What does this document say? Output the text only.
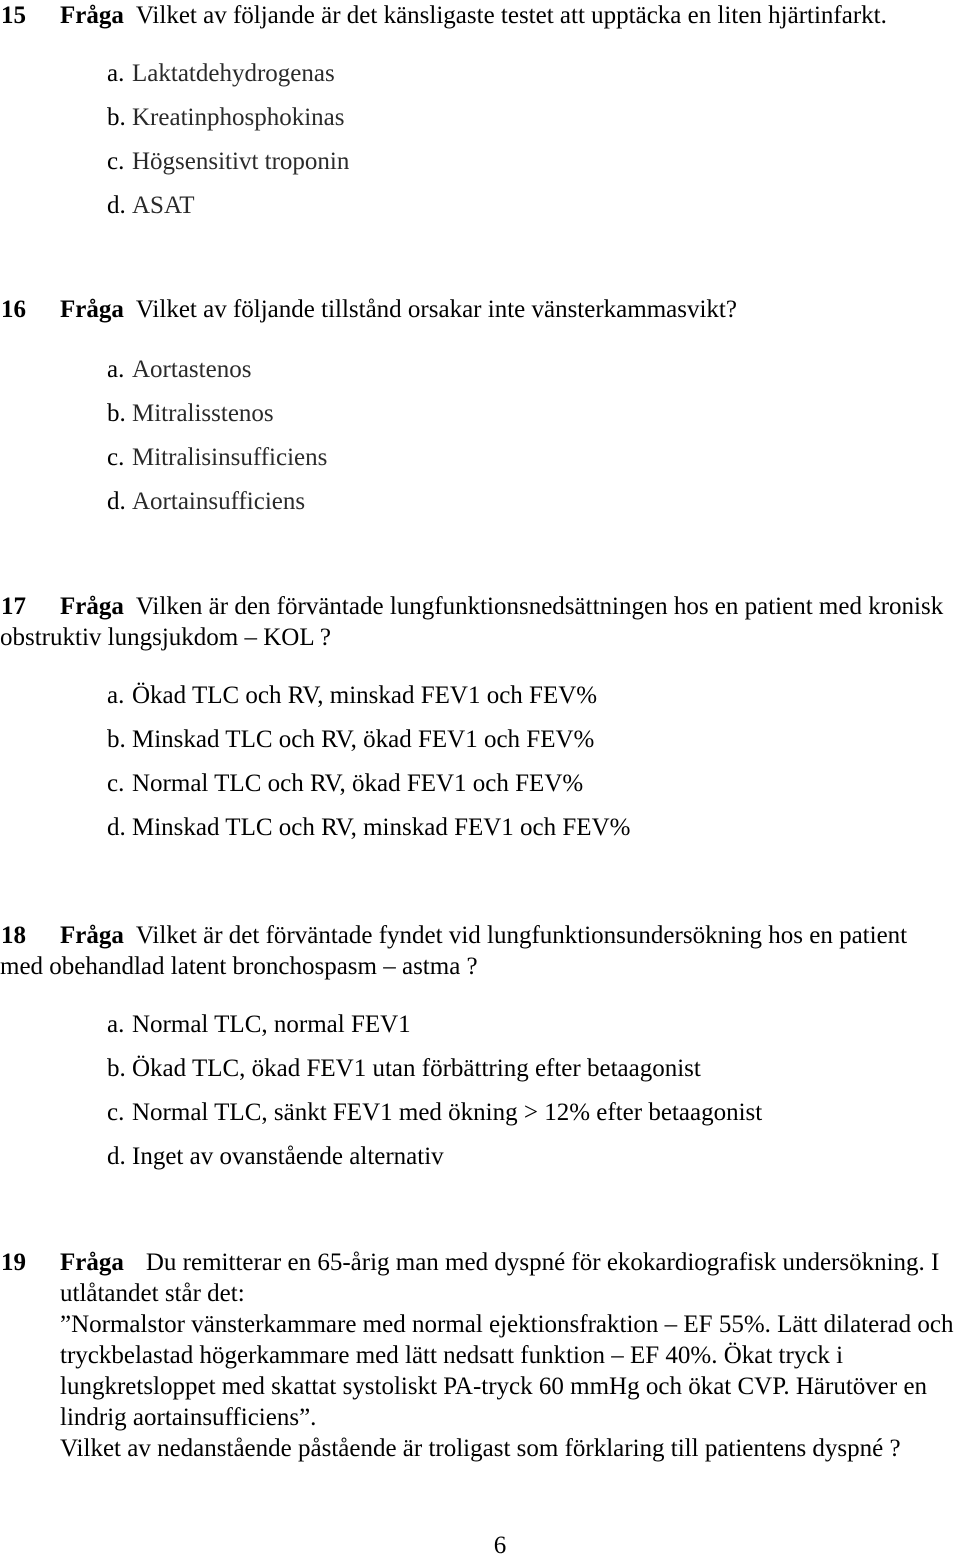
15 Fråga Vilket av följande är det känsligaste testet att upptäcka en liten hjärtinfarkt.
a. Laktatdehydrogenas
b. Kreatinphosphokinas
c. Högsensitivt troponin
d. ASAT
16 Fråga Vilket av följande tillstånd orsakar inte vänsterkammasvikt?
a. Aortastenos
b. Mitralisstenos
c. Mitralisinsufficiens
d. Aortainsufficiens
17 Fråga Vilken är den förväntade lungfunktionsnedsättningen hos en patient med kronisk obstruktiv lungsjukdom – KOL ?
a. Ökad TLC och RV, minskad FEV1 och FEV%
b. Minskad TLC och RV, ökad FEV1 och FEV%
c. Normal TLC och RV, ökad FEV1 och FEV%
d. Minskad TLC och RV, minskad FEV1 och FEV%
18 Fråga Vilket är det förväntade fyndet vid lungfunktionsundersökning hos en patient med obehandlad latent bronchospasm – astma ?
a. Normal TLC, normal FEV1
b. Ökad TLC, ökad FEV1 utan förbättring efter betaagonist
c. Normal TLC, sänkt FEV1 med ökning > 12% efter betaagonist
d. Inget av ovanstående alternativ
19	Fråga Du remitterar en 65-årig man med dyspné för ekokardiografisk undersökning. I utlåtandet står det:
”Normalstor vänsterkammare med normal ejektionsfraktion – EF 55%. Lätt dilaterad och tryckbelastad högerkammare med lätt nedsatt funktion – EF 40%. Ökat tryck i lungkretsloppet med skattat systoliskt PA-tryck 60 mmHg och ökat CVP. Härutöver en lindrig aortainsufficiens”.
Vilket av nedanstående påstående är troligast som förklaring till patientens dyspné ?
6
